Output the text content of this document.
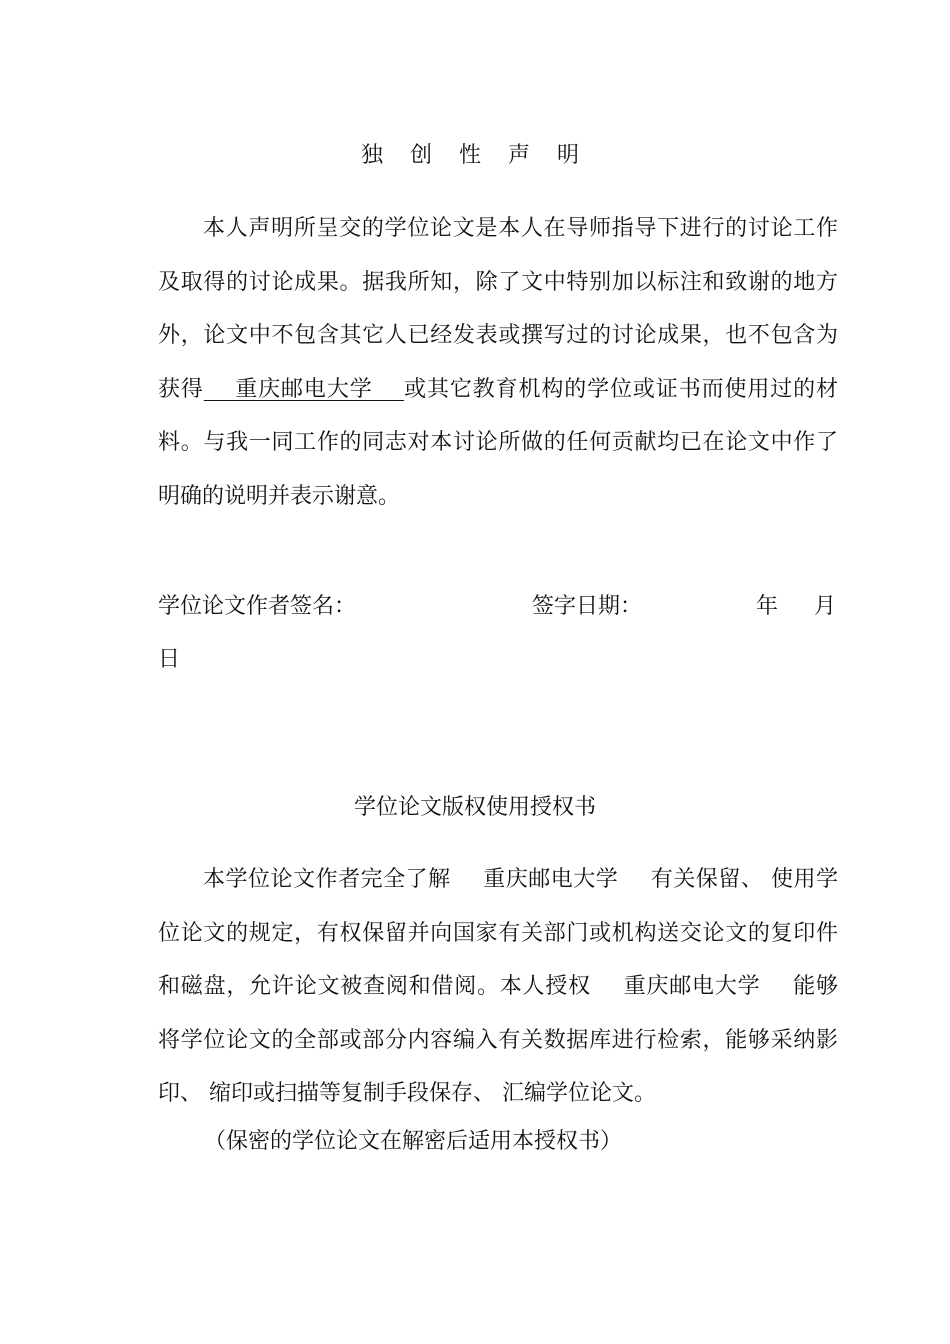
独 创 性 声 明
本人声明所呈交的学位论文是本人在导师指导下进行的讨论工作及取得的讨论成果。据我所知，除了文中特别加以标注和致谢的地方外，论文中不包含其它人已经发表或撰写过的讨论成果，也不包含为获得    重庆邮电大学    或其它教育机构的学位或证书而使用过的材料。与我一同工作的同志对本讨论所做的任何贡献均已在论文中作了明确的说明并表示谢意。
学位论文作者签名：	签字日期：	年 月
日
学位论文版权使用授权书
本学位论文作者完全了解 重庆邮电大学 有关保留、 使用学位论文的规定，有权保留并向国家有关部门或机构送交论文的复印件和磁盘，允许论文被查阅和借阅。本人授权 重庆邮电大学 能够将学位论文的全部或部分内容编入有关数据库进行检索，能够采纳影印、 缩印或扫描等复制手段保存、 汇编学位论文。
（保密的学位论文在解密后适用本授权书）
